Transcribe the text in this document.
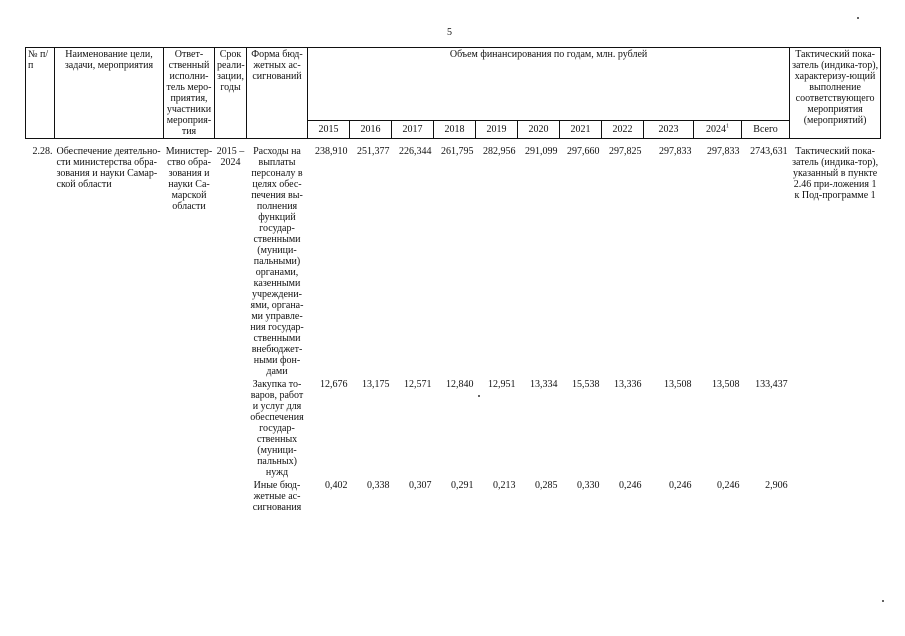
5
№ п/п	Наименование цели, задачи, мероприятия	Ответ-ственный исполни-тель меро-приятия, участники мероприя-тия	Срок реали-зации, годы	Форма бюд-жетных ас-сигнований	Объем финансирования по годам, млн. рублей											Тактический пока-затель (индика-тор), характеризу-ющий выполнение соответствующего мероприятия (мероприятий)
					2015	2016	2017	2018	2019	2020	2021	2022	2023	2024$^1$	Всего	

2.28.	Обеспечение деятельно-сти министерства обра-зования и науки Самар-ской области	Министер-ство обра-зования и науки Са-марской области	2015 – 2024	Расходы на выплаты персоналу в целях обес-печения вы-полнения функций государ-ственными (муници-пальными) органами, казенными учреждени-ями, органа-ми управле-ния государ-ственными внебюджет-ными фон-дами	238,910	251,377	226,344	261,795	282,956	291,099	297,660	297,825	297,833	297,833	2743,631	Тактический пока-затель (индика-тор), указанный в пункте 2.46 при-ложения 1 к Под-программе 1
				Закупка то-варов, работ и услуг для обеспечения государ-ственных (муници-пальных) нужд	12,676	13,175	12,571	12,840	12,951	13,334	15,538	13,336	13,508	13,508	133,437	
				Иные бюд-жетные ас-сигнования	0,402	0,338	0,307	0,291	0,213	0,285	0,330	0,246	0,246	0,246	2,906	
